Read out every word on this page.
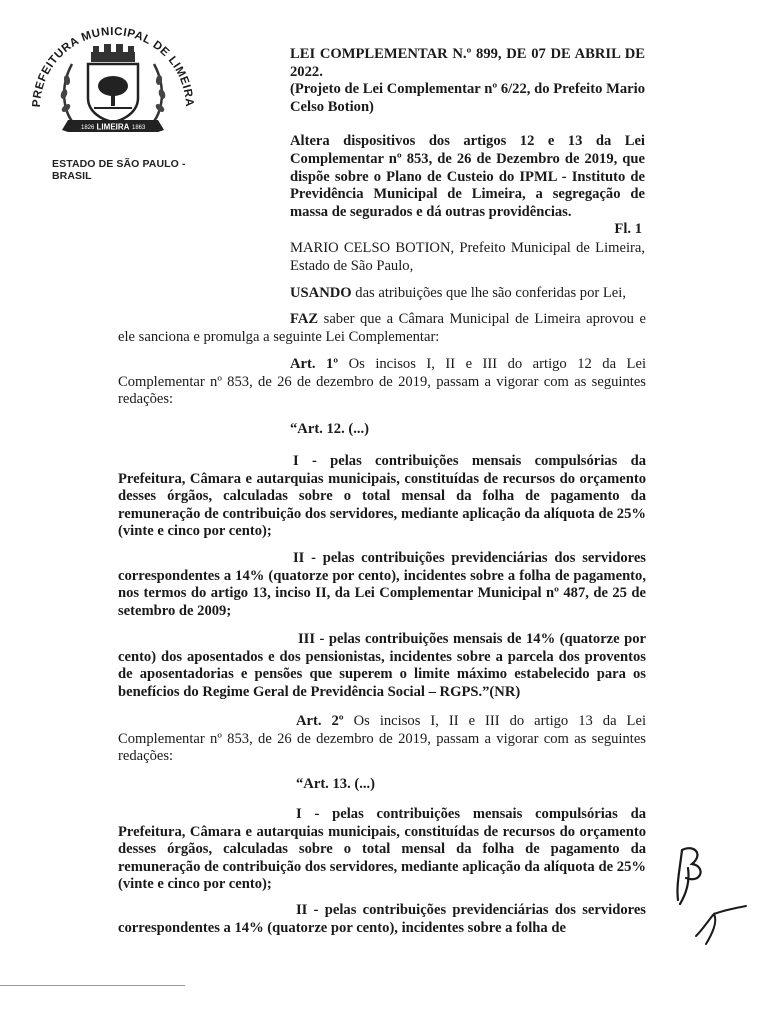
PREFEITURA MUNICIPAL DE LIMEIRA
1826 LIMEIRA 1863
ESTADO DE SÃO PAULO - BRASIL

LEI COMPLEMENTAR N.º 899, DE 07 DE ABRIL DE 2022.

(Projeto de Lei Complementar nº 6/22, do Prefeito Mario Celso Botion)

Altera dispositivos dos artigos 12 e 13 da Lei Complementar nº 853, de 26 de Dezembro de 2019, que dispõe sobre o Plano de Custeio do IPML - Instituto de Previdência Municipal de Limeira, a segregação de massa de segurados e dá outras providências.

Fl. 1
MARIO CELSO BOTION, Prefeito Municipal de Limeira, Estado de São Paulo,
USANDO das atribuições que lhe são conferidas por Lei,
FAZ saber que a Câmara Municipal de Limeira aprovou e ele sanciona e promulga a seguinte Lei Complementar:
Art. 1º Os incisos I, II e III do artigo 12 da Lei Complementar nº 853, de 26 de dezembro de 2019, passam a vigorar com as seguintes redações:
“Art. 12. (...)
I - pelas contribuições mensais compulsórias da Prefeitura, Câmara e autarquias municipais, constituídas de recursos do orçamento desses órgãos, calculadas sobre o total mensal da folha de pagamento da remuneração de contribuição dos servidores, mediante aplicação da alíquota de 25% (vinte e cinco por cento);
II - pelas contribuições previdenciárias dos servidores correspondentes a 14% (quatorze por cento), incidentes sobre a folha de pagamento, nos termos do artigo 13, inciso II, da Lei Complementar Municipal nº 487, de 25 de setembro de 2009;
III - pelas contribuições mensais de 14% (quatorze por cento) dos aposentados e dos pensionistas, incidentes sobre a parcela dos proventos de aposentadorias e pensões que superem o limite máximo estabelecido para os benefícios do Regime Geral de Previdência Social – RGPS.”(NR)
Art. 2º Os incisos I, II e III do artigo 13 da Lei Complementar nº 853, de 26 de dezembro de 2019, passam a vigorar com as seguintes redações:
“Art. 13. (...)
I - pelas contribuições mensais compulsórias da Prefeitura, Câmara e autarquias municipais, constituídas de recursos do orçamento desses órgãos, calculadas sobre o total mensal da folha de pagamento da remuneração de contribuição dos servidores, mediante aplicação da alíquota de 25% (vinte e cinco por cento);
II - pelas contribuições previdenciárias dos servidores correspondentes a 14% (quatorze por cento), incidentes sobre a folha de
